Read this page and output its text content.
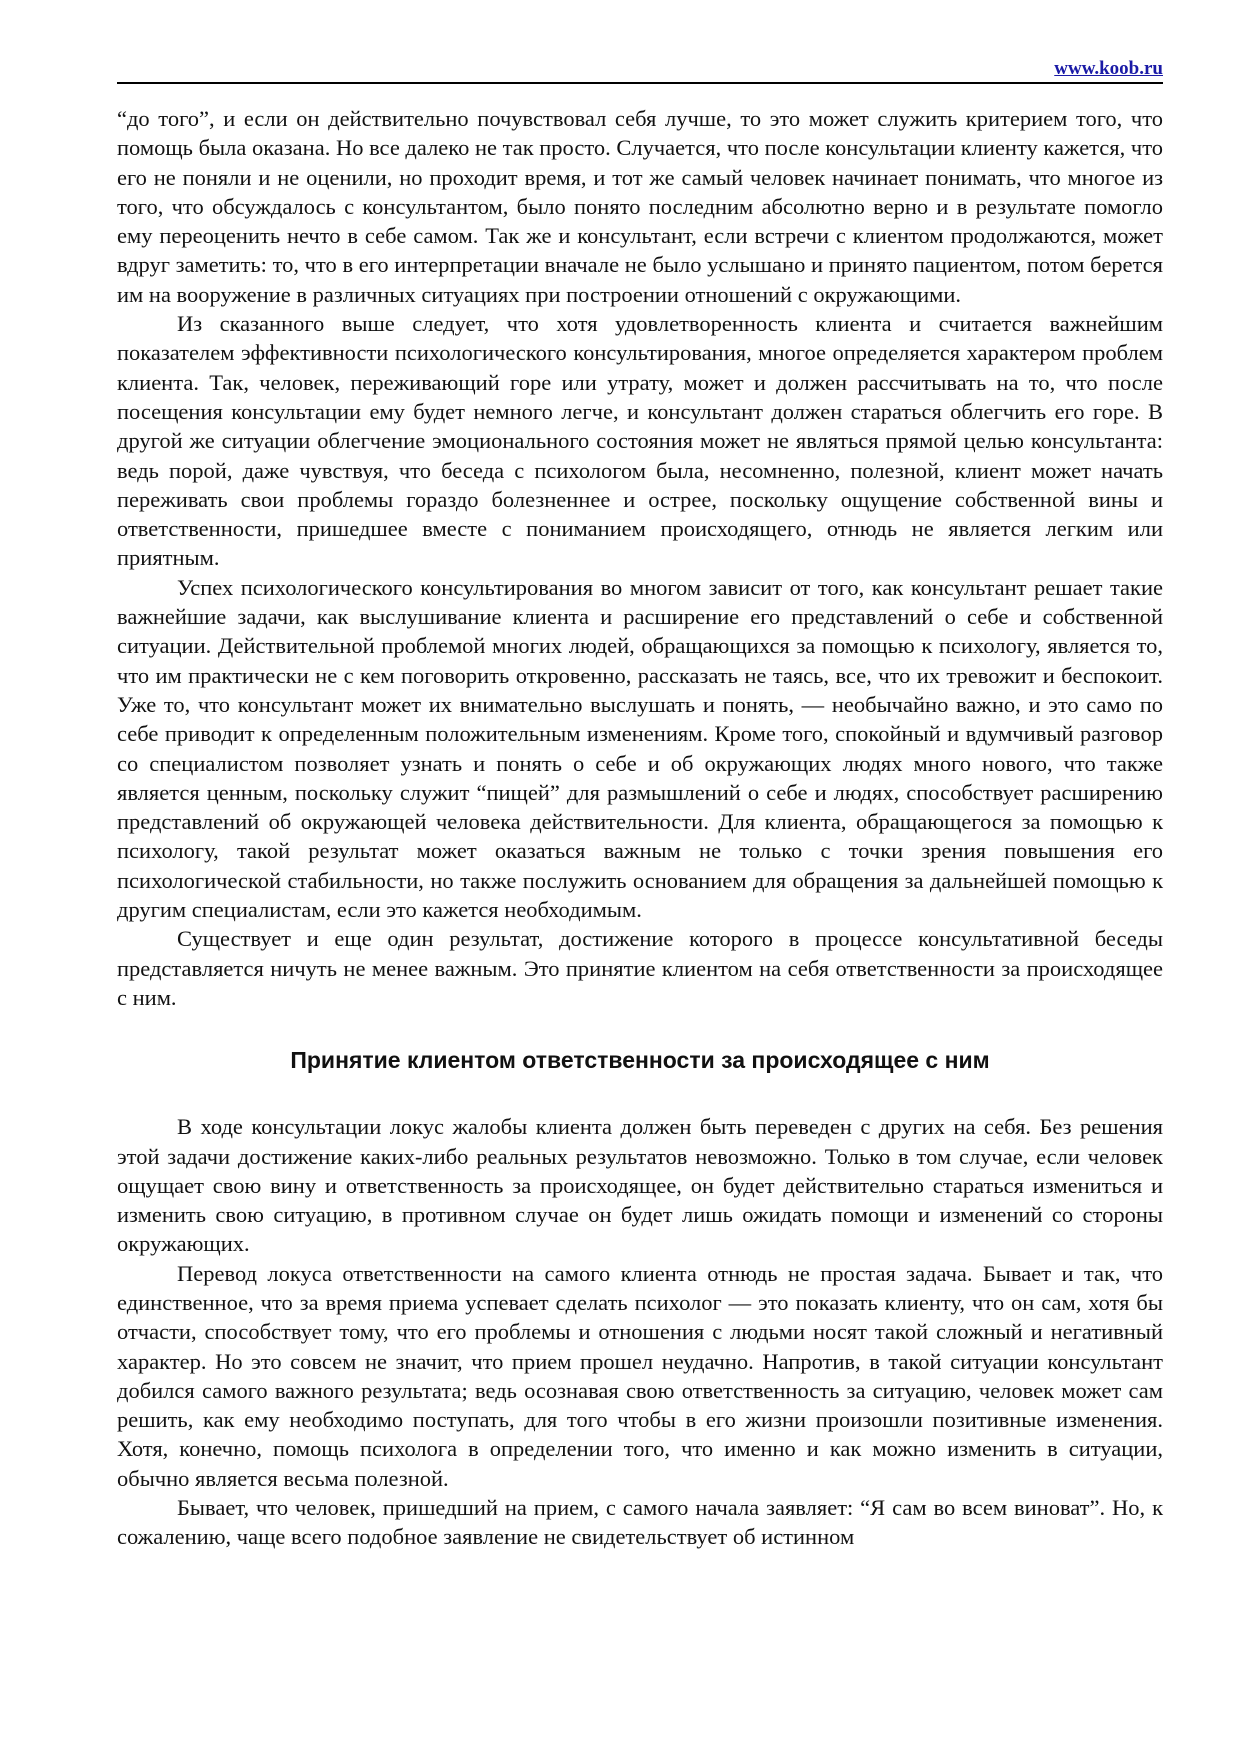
www.koob.ru

“до того”, и если он действительно почувствовал себя лучше, то это может служить критерием того, что помощь была оказана. Но все далеко не так просто. Случается, что после консультации клиенту кажется, что его не поняли и не оценили, но проходит время, и тот же самый человек начинает понимать, что многое из того, что обсуждалось с консультантом, было понято последним абсолютно верно и в результате помогло ему переоценить нечто в себе самом. Так же и консультант, если встречи с клиентом продолжаются, может вдруг заметить: то, что в его интерпретации вначале не было услышано и принято пациентом, потом берется им на вооружение в различных ситуациях при построении отношений с окружающими.

Из сказанного выше следует, что хотя удовлетворенность клиента и считается важнейшим показателем эффективности психологического консультирования, многое определяется характером проблем клиента. Так, человек, переживающий горе или утрату, может и должен рассчитывать на то, что после посещения консультации ему будет немного легче, и консультант должен стараться облегчить его горе. В другой же ситуации облегчение эмоционального состояния может не являться прямой целью консультанта: ведь порой, даже чувствуя, что беседа с психологом была, несомненно, полезной, клиент может начать переживать свои проблемы гораздо болезненнее и острее, поскольку ощущение собственной вины и ответственности, пришедшее вместе с пониманием происходящего, отнюдь не является легким или приятным.

Успех психологического консультирования во многом зависит от того, как консультант решает такие важнейшие задачи, как выслушивание клиента и расширение его представлений о себе и собственной ситуации. Действительной проблемой многих людей, обращающихся за помощью к психологу, является то, что им практически не с кем поговорить откровенно, рассказать не таясь, все, что их тревожит и беспокоит. Уже то, что консультант может их внимательно выслушать и понять, — необычайно важно, и это само по себе приводит к определенным положительным изменениям. Кроме того, спокойный и вдумчивый разговор со специалистом позволяет узнать и понять о себе и об окружающих людях много нового, что также является ценным, поскольку служит “пищей” для размышлений о себе и людях, способствует расширению представлений об окружающей человека действительности. Для клиента, обращающегося за помощью к психологу, такой результат может оказаться важным не только с точки зрения повышения его психологической стабильности, но также послужить основанием для обращения за дальнейшей помощью к другим специалистам, если это кажется необходимым.

Существует и еще один результат, достижение которого в процессе консультативной беседы представляется ничуть не менее важным. Это принятие клиентом на себя ответственности за происходящее с ним.

Принятие клиентом ответственности за происходящее с ним

В ходе консультации локус жалобы клиента должен быть переведен с других на себя. Без решения этой задачи достижение каких-либо реальных результатов невозможно. Только в том случае, если человек ощущает свою вину и ответственность за происходящее, он будет действительно стараться измениться и изменить свою ситуацию, в противном случае он будет лишь ожидать помощи и изменений со стороны окружающих.

Перевод локуса ответственности на самого клиента отнюдь не простая задача. Бывает и так, что единственное, что за время приема успевает сделать психолог — это показать клиенту, что он сам, хотя бы отчасти, способствует тому, что его проблемы и отношения с людьми носят такой сложный и негативный характер. Но это совсем не значит, что прием прошел неудачно. Напротив, в такой ситуации консультант добился самого важного результата; ведь осознавая свою ответственность за ситуацию, человек может сам решить, как ему необходимо поступать, для того чтобы в его жизни произошли позитивные изменения. Хотя, конечно, помощь психолога в определении того, что именно и как можно изменить в ситуации, обычно является весьма полезной.

Бывает, что человек, пришедший на прием, с самого начала заявляет: “Я сам во всем виноват”. Но, к сожалению, чаще всего подобное заявление не свидетельствует об истинном
